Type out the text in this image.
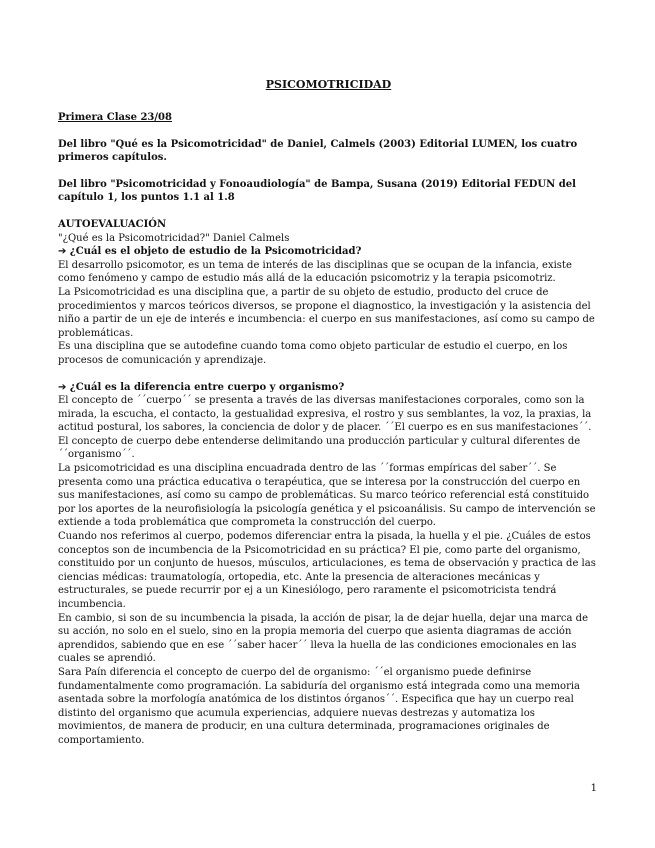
PSICOMOTRICIDAD

Primera Clase 23/08

Del libro "Qué es la Psicomotricidad" de Daniel, Calmels (2003) Editorial LUMEN, los cuatro primeros capítulos.

Del libro "Psicomotricidad y Fonoaudiología" de Bampa, Susana (2019) Editorial FEDUN del capítulo 1, los puntos 1.1 al 1.8

AUTOEVALUACIÓN

"¿Qué es la Psicomotricidad?" Daniel Calmels

➔ ¿Cuál es el objeto de estudio de la Psicomotricidad?

El desarrollo psicomotor, es un tema de interés de las disciplinas que se ocupan de la infancia, existe como fenómeno y campo de estudio más allá de la educación psicomotriz y la terapia psicomotriz.

La Psicomotricidad es una disciplina que, a partir de su objeto de estudio, producto del cruce de procedimientos y marcos teóricos diversos, se propone el diagnostico, la investigación y la asistencia del niño a partir de un eje de interés e incumbencia: el cuerpo en sus manifestaciones, así como su campo de problemáticas.

Es una disciplina que se autodefine cuando toma como objeto particular de estudio el cuerpo, en los procesos de comunicación y aprendizaje.

➔ ¿Cuál es la diferencia entre cuerpo y organismo?

El concepto de ´´cuerpo´´ se presenta a través de las diversas manifestaciones corporales, como son la mirada, la escucha, el contacto, la gestualidad expresiva, el rostro y sus semblantes, la voz, la praxias, la actitud postural, los sabores, la conciencia de dolor y de placer. ´´El cuerpo es en sus manifestaciones´´. El concepto de cuerpo debe entenderse delimitando una producción particular y cultural diferentes de ´´organismo´´.

La psicomotricidad es una disciplina encuadrada dentro de las ´´formas empíricas del saber´´. Se presenta como una práctica educativa o terapéutica, que se interesa por la construcción del cuerpo en sus manifestaciones, así como su campo de problemáticas. Su marco teórico referencial está constituido por los aportes de la neurofisiología la psicología genética y el psicoanálisis. Su campo de intervención se extiende a toda problemática que comprometa la construcción del cuerpo.

Cuando nos referimos al cuerpo, podemos diferenciar entra la pisada, la huella y el pie. ¿Cuáles de estos conceptos son de incumbencia de la Psicomotricidad en su práctica? El pie, como parte del organismo, constituido por un conjunto de huesos, músculos, articulaciones, es tema de observación y practica de las ciencias médicas: traumatología, ortopedia, etc. Ante la presencia de alteraciones mecánicas y estructurales, se puede recurrir por ej a un Kinesiólogo, pero raramente el psicomotricista tendrá incumbencia.

En cambio, si son de su incumbencia la pisada, la acción de pisar, la de dejar huella, dejar una marca de su acción, no solo en el suelo, sino en la propia memoria del cuerpo que asienta diagramas de acción aprendidos, sabiendo que en ese ´´saber hacer´´ lleva la huella de las condiciones emocionales en las cuales se aprendió.

Sara Paín diferencia el concepto de cuerpo del de organismo: ´´el organismo puede definirse fundamentalmente como programación. La sabiduría del organismo está integrada como una memoria asentada sobre la morfología anatómica de los distintos órganos´´. Especifica que hay un cuerpo real distinto del organismo que acumula experiencias, adquiere nuevas destrezas y automatiza los movimientos, de manera de producir, en una cultura determinada, programaciones originales de comportamiento.

1
